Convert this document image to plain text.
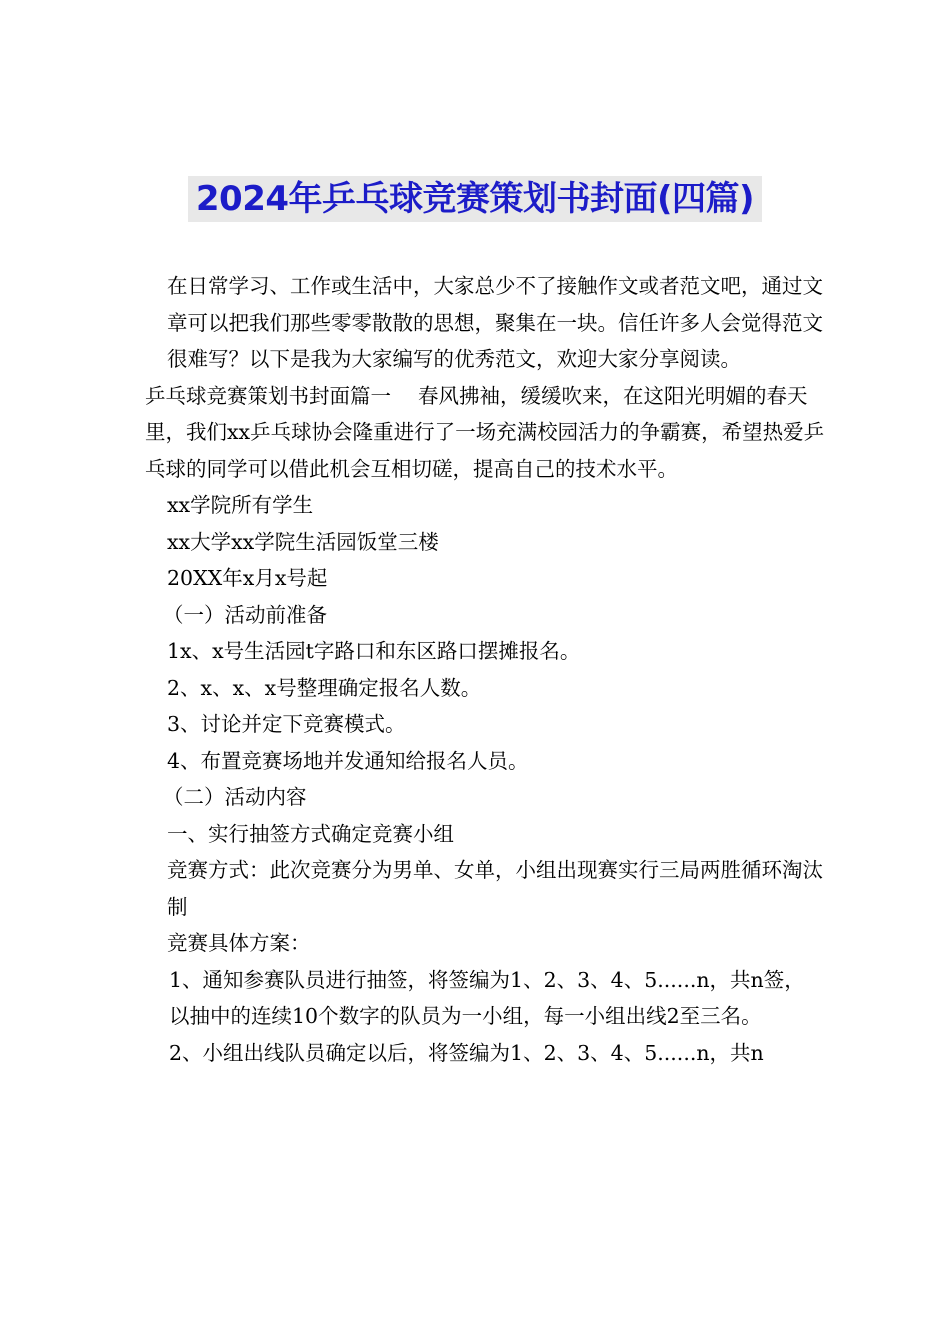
2024年乒乓球竞赛策划书封面(四篇)

在日常学习、工作或生活中，大家总少不了接触作文或者范文吧，通过文章可以把我们那些零零散散的思想，聚集在一块。信任许多人会觉得范文很难写？以下是我为大家编写的优秀范文，欢迎大家分享阅读。

乒乓球竞赛策划书封面篇一　 春风拂袖，缓缓吹来，在这阳光明媚的春天里，我们xx乒乓球协会隆重进行了一场充满校园活力的争霸赛，希望热爱乒乓球的同学可以借此机会互相切磋，提高自己的技术水平。

xx学院所有学生

xx大学xx学院生活园饭堂三楼

20XX年x月x号起

（一）活动前准备

1x、x号生活园t字路口和东区路口摆摊报名。

2、x、x、x号整理确定报名人数。

3、讨论并定下竞赛模式。

4、布置竞赛场地并发通知给报名人员。

（二）活动内容

一、实行抽签方式确定竞赛小组

竞赛方式：此次竞赛分为男单、女单，小组出现赛实行三局两胜循环淘汰制

竞赛具体方案：

1、通知参赛队员进行抽签，将签编为1、2、3、4、5......n，共n签，以抽中的连续10个数字的队员为一小组，每一小组出线2至三名。

2、小组出线队员确定以后，将签编为1、2、3、4、5......n，共n
